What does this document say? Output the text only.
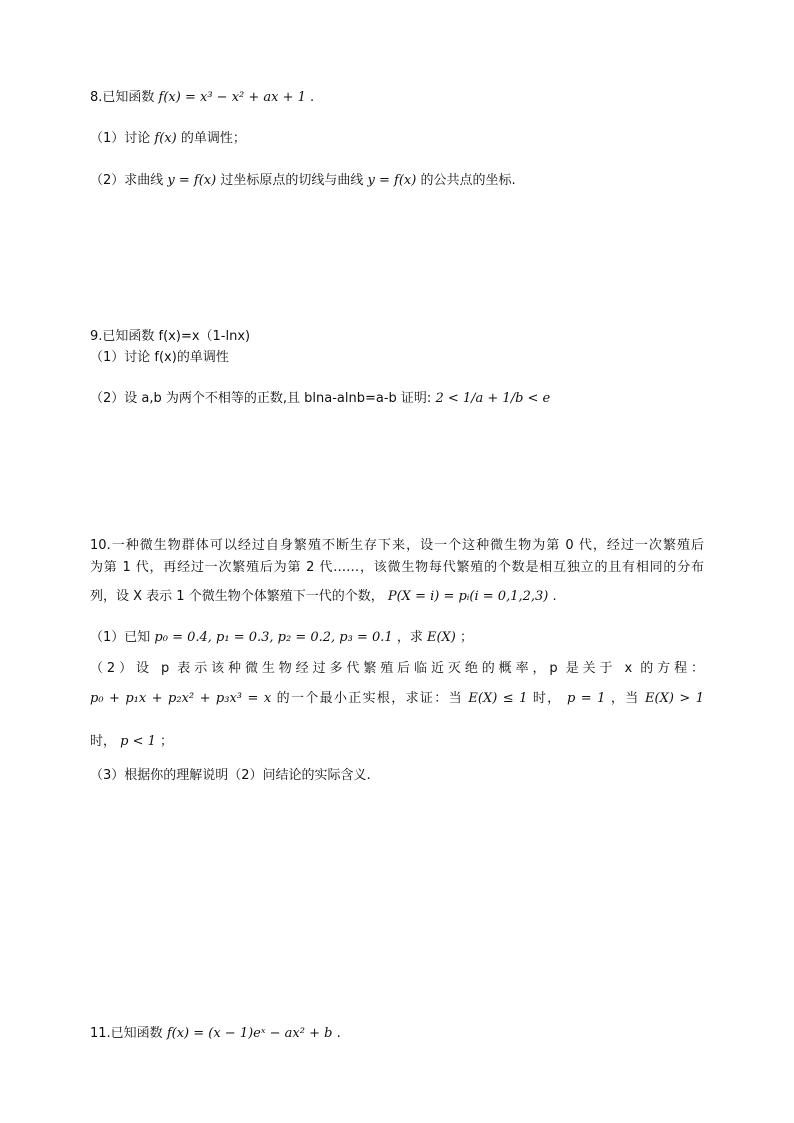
8.已知函数 f(x) = x³ − x² + ax + 1 .
（1）讨论 f(x) 的单调性；
（2）求曲线 y = f(x) 过坐标原点的切线与曲线 y = f(x) 的公共点的坐标.
9.已知函数 f(x)=x（1-lnx)
（1）讨论 f(x)的单调性
（2）设 a,b 为两个不相等的正数,且 blna-alnb=a-b 证明: 2 < 1/a + 1/b < e
10.一种微生物群体可以经过自身繁殖不断生存下来，设一个这种微生物为第 0 代，经过一次繁殖后
为第 1 代，再经过一次繁殖后为第 2 代……，该微生物每代繁殖的个数是相互独立的且有相同的分布
列，设 X 表示 1 个微生物个体繁殖下一代的个数， P(X = i) = pᵢ(i = 0,1,2,3) .
（1）已知 p₀ = 0.4, p₁ = 0.3, p₂ = 0.2, p₃ = 0.1 ，求 E(X) ；
（2）设 p 表示该种微生物经过多代繁殖后临近灭绝的概率，p 是关于 x 的方程：
p₀ + p₁x + p₂x² + p₃x³ = x 的一个最小正实根，求证：当 E(X) ≤ 1 时， p = 1 ，当 E(X) > 1
时， p < 1 ；
（3）根据你的理解说明（2）问结论的实际含义.
11.已知函数 f(x) = (x − 1)eˣ − ax² + b .
